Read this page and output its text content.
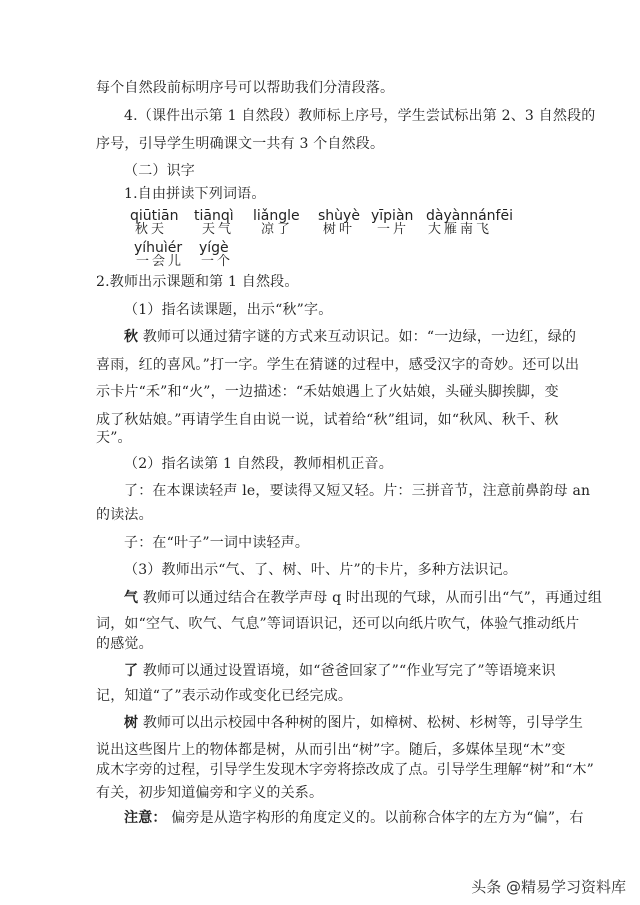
每个自然段前标明序号可以帮助我们分清段落。
4.（课件出示第 1 自然段）教师标上序号，学生尝试标出第 2、3 自然段的
序号，引导学生明确课文一共有 3 个自然段。
（二）识字
1.自由拼读下列词语。
qiūtiān
秋天
tiānqì
天气
liǎngle
凉了
shùyè
树叶
yīpiàn
一片
dàyànnánfēi
大雁南飞
yíhuìér
一会儿
yígè
一个
2.教师出示课题和第 1 自然段。
（1）指名读课题，出示“秋”字。
秋 教师可以通过猜字谜的方式来互动识记。如：“一边绿，一边红，绿的
喜雨，红的喜风。”打一字。学生在猜谜的过程中，感受汉字的奇妙。还可以出
示卡片“禾”和“火”，一边描述：“禾姑娘遇上了火姑娘，头碰头脚挨脚，变
成了秋姑娘。”再请学生自由说一说，试着给“秋”组词，如“秋风、秋千、秋
天”。
（2）指名读第 1 自然段，教师相机正音。
了：在本课读轻声 le，要读得又短又轻。片：三拼音节，注意前鼻韵母 an
的读法。
子：在“叶子”一词中读轻声。
（3）教师出示“气、了、树、叶、片”的卡片，多种方法识记。
气 教师可以通过结合在教学声母 q 时出现的气球，从而引出“气”，再通过组
词，如“空气、吹气、气息”等词语识记，还可以向纸片吹气，体验气推动纸片
的感觉。
了 教师可以通过设置语境，如“爸爸回家了”“作业写完了”等语境来识
记，知道“了”表示动作或变化已经完成。
树 教师可以出示校园中各种树的图片，如樟树、松树、杉树等，引导学生
说出这些图片上的物体都是树，从而引出“树”字。随后，多媒体呈现“木”变
成木字旁的过程，引导学生发现木字旁将捺改成了点。引导学生理解“树”和“木”
有关，初步知道偏旁和字义的关系。
注意： 偏旁是从造字构形的角度定义的。以前称合体字的左方为“偏”，右
头条 @精易学习资料库
